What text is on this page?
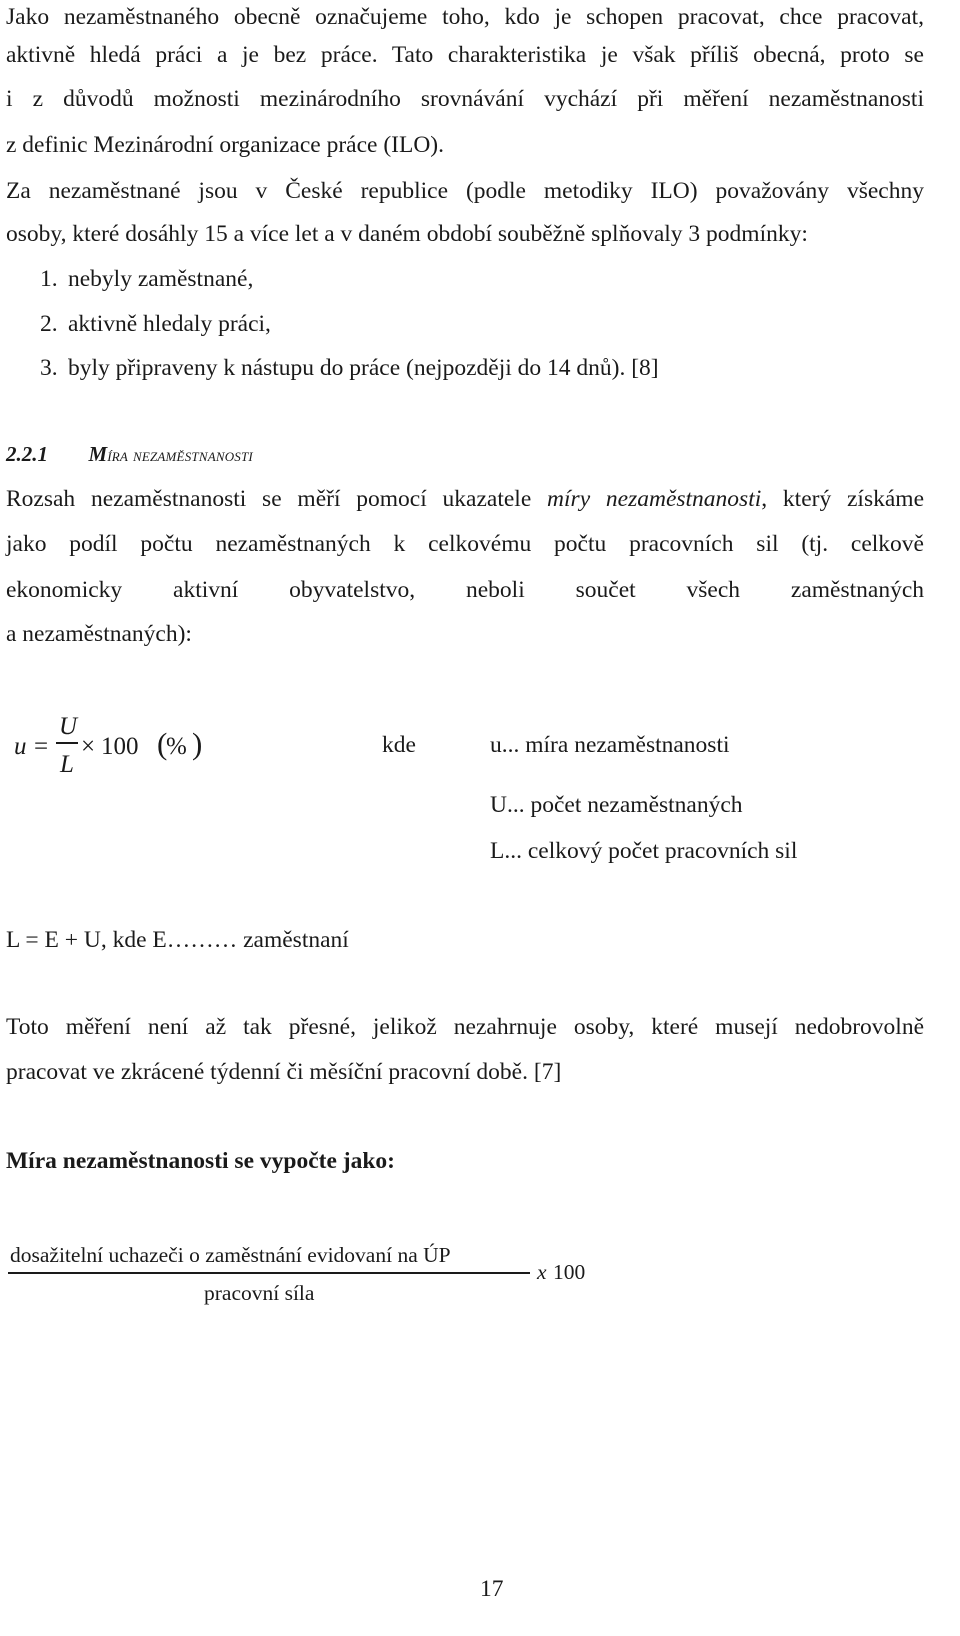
Jako nezaměstnaného obecně označujeme toho, kdo je schopen pracovat, chce pracovat,
aktivně hledá práci a je bez práce. Tato charakteristika je však příliš obecná, proto se
i z důvodů možnosti mezinárodního srovnávání vychází při měření nezaměstnanosti
z definic Mezinárodní organizace práce (ILO).
Za nezaměstnané jsou v České republice (podle metodiky ILO) považovány všechny
osoby, které dosáhly 15 a více let a v daném období souběžně splňovaly 3 podmínky:
1. nebyly zaměstnané,
2. aktivně hledaly práci,
3. byly připraveny k nástupu do práce (nejpozději do 14 dnů). [8]
2.2.1 Míra nezaměstnanosti
Rozsah nezaměstnanosti se měří pomocí ukazatele míry nezaměstnanosti, který získáme
jako podíl počtu nezaměstnaných k celkovému počtu pracovních sil (tj. celkově
ekonomicky aktivní obyvatelstvo, neboli součet všech zaměstnaných
a nezaměstnaných):
u =
U
L
× 100 (
% )	kde	u... míra nezaměstnanosti
U... počet nezaměstnaných
L... celkový počet pracovních sil
L = E + U, kde E……… zaměstnaní
Toto měření není až tak přesné, jelikož nezahrnuje osoby, které musejí nedobrovolně
pracovat ve zkrácené týdenní či měsíční pracovní době. [7]
Míra nezaměstnanosti se vypočte jako:
dosažitelní uchazeči o zaměstnání evidovaní na ÚP
pracovní síla
x 100
17
